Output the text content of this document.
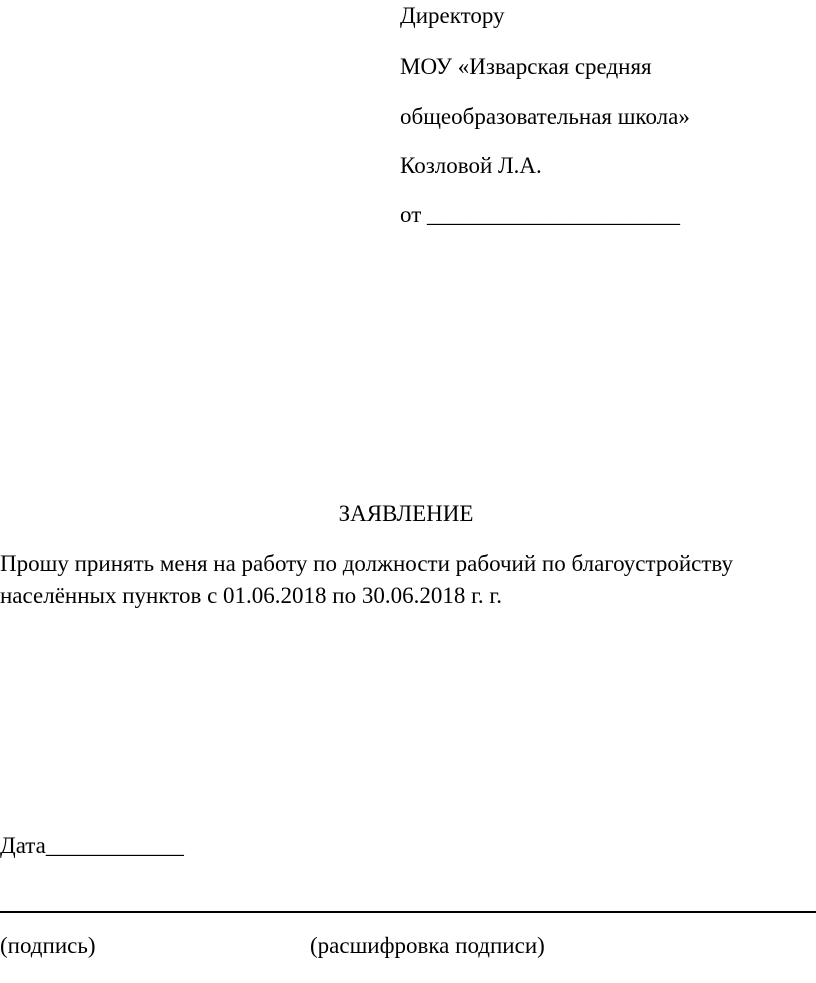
Директору
МОУ «Изварская средняя
общеобразовательная школа»
Козловой Л.А.
от ______________________
ЗАЯВЛЕНИЕ
Прошу принять меня на работу по должности рабочий по благоустройству
населённых пунктов с 01.06.2018 по 30.06.2018 г. г.
Дата____________
(подпись)	(расшифровка подписи)
